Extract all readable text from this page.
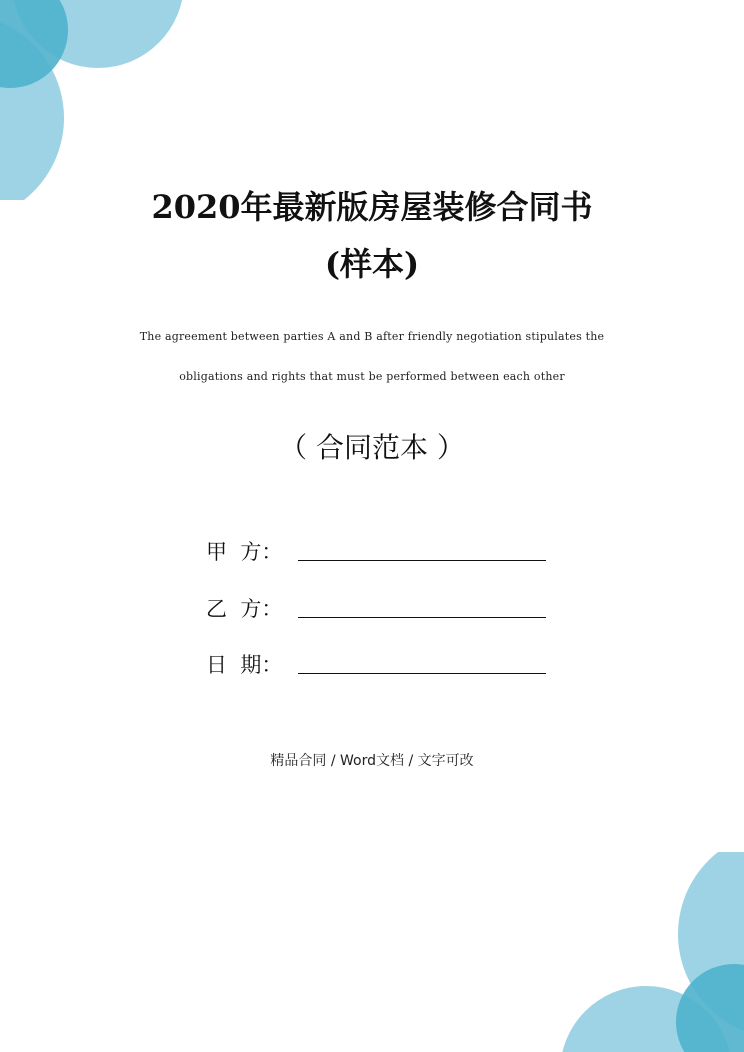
2020年最新版房屋装修合同书
(样本)
The agreement between parties A and B after friendly negotiation stipulates the
obligations and rights that must be performed between each other
（ 合同范本 ）
甲  方：
乙  方：
日  期：
精品合同 / Word文档 / 文字可改
